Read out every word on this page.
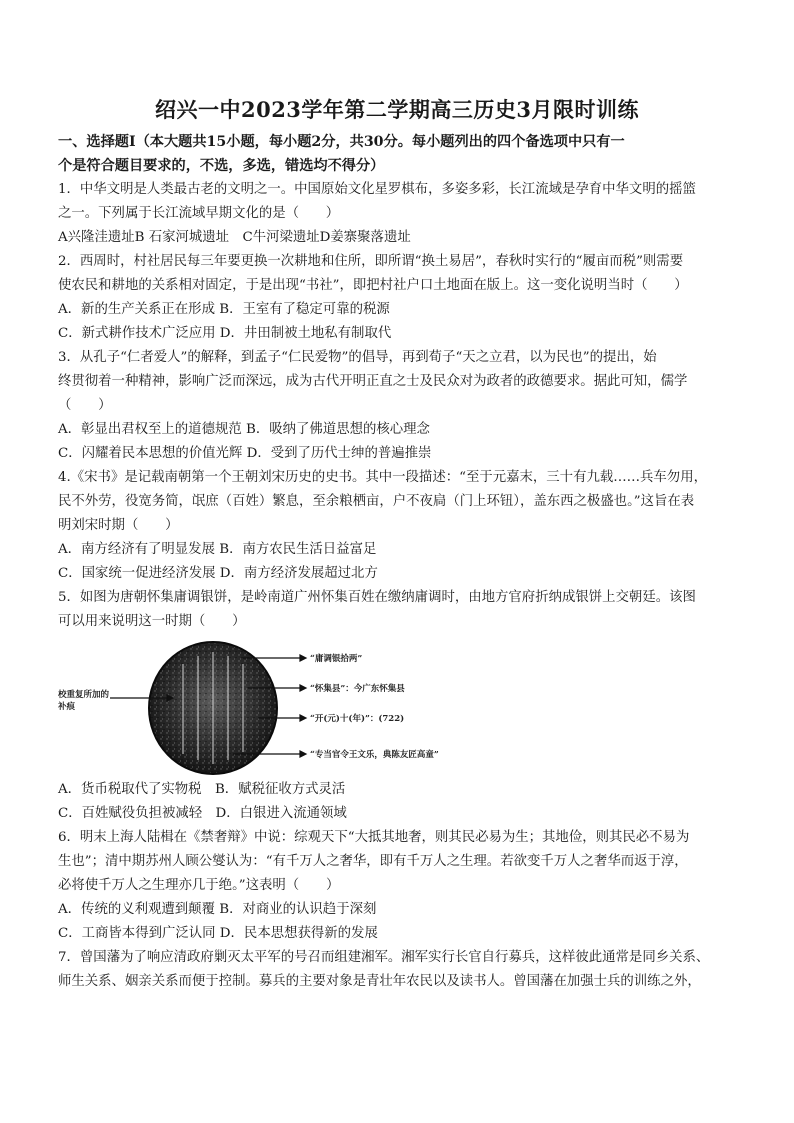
绍兴一中2023学年第二学期高三历史3月限时训练

一、选择题Ⅰ（本大题共15小题，每小题2分，共30分。每小题列出的四个备选项中只有一

个是符合题目要求的，不选，多选，错选均不得分）

1．中华文明是人类最古老的文明之一。中国原始文化星罗棋布，多姿多彩，长江流域是孕育中华文明的摇篮

之一。下列属于长江流域早期文化的是（　　）

A兴隆洼遗址B 石家河城遗址　C牛河梁遗址D姜寨聚落遗址

2．西周时，村社居民每三年要更换一次耕地和住所，即所谓“换土易居”，春秋时实行的“履亩而税”则需要

使农民和耕地的关系相对固定，于是出现“书社”，即把村社户口土地面在版上。这一变化说明当时（　　）

A．新的生产关系正在形成 B．王室有了稳定可靠的税源

C．新式耕作技术广泛应用 D．井田制被土地私有制取代

3．从孔子“仁者爱人”的解释，到孟子“仁民爱物”的倡导，再到荀子“天之立君，以为民也”的提出，始

终贯彻着一种精神，影响广泛而深远，成为古代开明正直之士及民众对为政者的政德要求。据此可知，儒学

（　　）

A．彰显出君权至上的道德规范 B．吸纳了佛道思想的核心理念

C．闪耀着民本思想的价值光辉 D．受到了历代士绅的普遍推崇

4.《宋书》是记载南朝第一个王朝刘宋历史的史书。其中一段描述：“至于元嘉末，三十有九载……兵车勿用，

民不外劳，役宽务简，氓庶（百姓）繁息，至余粮栖亩，户不夜扃（门上环钮），盖东西之极盛也。”这旨在表

明刘宋时期（　　）

A．南方经济有了明显发展 B．南方农民生活日益富足

C．国家统一促进经济发展 D．南方经济发展超过北方

5．如图为唐朝怀集庸调银饼，是岭南道广州怀集百姓在缴纳庸调时，由地方官府折纳成银饼上交朝廷。该图

可以用来说明这一时期（　　）

“庸调银拾两”
“怀集县”：今广东怀集县
“开(元)十(年)”：(722)
“专当官令王文乐，典陈友匠高童”
校重复所加的
补痕

A．货币税取代了实物税　B．赋税征收方式灵活

C．百姓赋役负担被减轻　D．白银进入流通领域

6．明末上海人陆楫在《禁奢辩》中说：综观天下“大抵其地奢，则其民必易为生；其地俭，则其民必不易为

生也”；清中期苏州人顾公燮认为：“有千万人之奢华，即有千万人之生理。若欲变千万人之奢华而返于淳，

必将使千万人之生理亦几于绝。”这表明（　　）

A．传统的义利观遭到颠覆 B．对商业的认识趋于深刻

C．工商皆本得到广泛认同 D．民本思想获得新的发展

7．曾国藩为了响应清政府剿灭太平军的号召而组建湘军。湘军实行长官自行募兵，这样彼此通常是同乡关系、

师生关系、姻亲关系而便于控制。募兵的主要对象是青壮年农民以及读书人。曾国藩在加强士兵的训练之外，
